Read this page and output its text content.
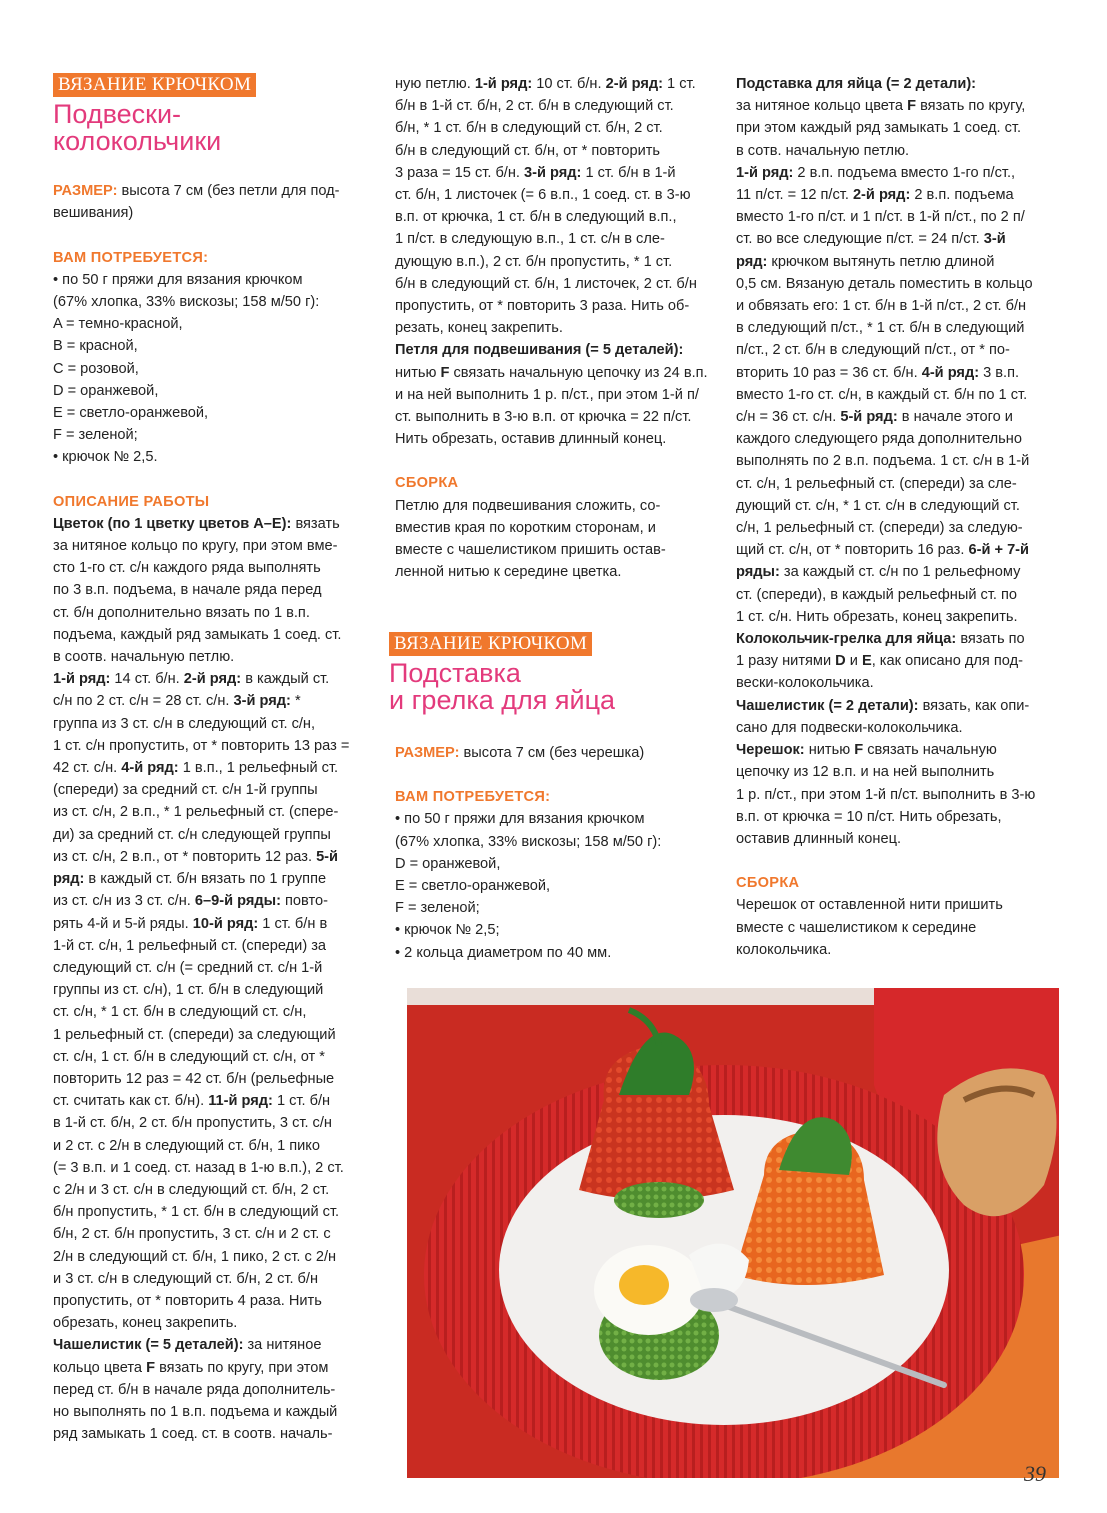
ВЯЗАНИЕ КРЮЧКОМ
Подвески-
колокольчики

РАЗМЕР: высота 7 см (без петли для под-

вешивания)

ВАМ ПОТРЕБУЕТСЯ:

• по 50 г пряжи для вязания крючком

(67% хлопка, 33% вискозы; 158 м/50 г):

A = темно-красной,

B = красной,

C = розовой,

D = оранжевой,

E = светло-оранжевой,

F = зеленой;

• крючок № 2,5.

ОПИСАНИЕ РАБОТЫ

Цветок (по 1 цветку цветов A–E): вязать

за нитяное кольцо по кругу, при этом вме-

сто 1-го ст. с/н каждого ряда выполнять

по 3 в.п. подъема, в начале ряда перед

ст. б/н дополнительно вязать по 1 в.п.

подъема, каждый ряд замыкать 1 соед. ст.

в соотв. начальную петлю.

1-й ряд: 14 ст. б/н. 2-й ряд: в каждый ст.

с/н по 2 ст. с/н = 28 ст. с/н. 3-й ряд: *

группа из 3 ст. с/н в следующий ст. с/н,

1 ст. с/н пропустить, от * повторить 13 раз =

42 ст. с/н. 4-й ряд: 1 в.п., 1 рельефный ст.

(спереди) за средний ст. с/н 1-й группы

из ст. с/н, 2 в.п., * 1 рельефный ст. (спере-

ди) за средний ст. с/н следующей группы

из ст. с/н, 2 в.п., от * повторить 12 раз. 5-й

ряд: в каждый ст. б/н вязать по 1 группе

из ст. с/н из 3 ст. с/н. 6–9-й ряды: повто-

рять 4-й и 5-й ряды. 10-й ряд: 1 ст. б/н в

1-й ст. с/н, 1 рельефный ст. (спереди) за

следующий ст. с/н (= средний ст. с/н 1-й

группы из ст. с/н), 1 ст. б/н в следующий

ст. с/н, * 1 ст. б/н в следующий ст. с/н,

1 рельефный ст. (спереди) за следующий

ст. с/н, 1 ст. б/н в следующий ст. с/н, от *

повторить 12 раз = 42 ст. б/н (рельефные

ст. считать как ст. б/н). 11-й ряд: 1 ст. б/н

в 1-й ст. б/н, 2 ст. б/н пропустить, 3 ст. с/н

и 2 ст. с 2/н в следующий ст. б/н, 1 пико

(= 3 в.п. и 1 соед. ст. назад в 1-ю в.п.), 2 ст.

с 2/н и 3 ст. с/н в следующий ст. б/н, 2 ст.

б/н пропустить, * 1 ст. б/н в следующий ст.

б/н, 2 ст. б/н пропустить, 3 ст. с/н и 2 ст. с

2/н в следующий ст. б/н, 1 пико, 2 ст. с 2/н

и 3 ст. с/н в следующий ст. б/н, 2 ст. б/н

пропустить, от * повторить 4 раза. Нить

обрезать, конец закрепить.

Чашелистик (= 5 деталей): за нитяное

кольцо цвета F вязать по кругу, при этом

перед ст. б/н в начале ряда дополнитель-

но выполнять по 1 в.п. подъема и каждый

ряд замыкать 1 соед. ст. в соотв. началь-

ную петлю. 1-й ряд: 10 ст. б/н. 2-й ряд: 1 ст.

б/н в 1-й ст. б/н, 2 ст. б/н в следующий ст.

б/н, * 1 ст. б/н в следующий ст. б/н, 2 ст.

б/н в следующий ст. б/н, от * повторить

3 раза = 15 ст. б/н. 3-й ряд: 1 ст. б/н в 1-й

ст. б/н, 1 листочек (= 6 в.п., 1 соед. ст. в 3-ю

в.п. от крючка, 1 ст. б/н в следующий в.п.,

1 п/ст. в следующую в.п., 1 ст. с/н в сле-

дующую в.п.), 2 ст. б/н пропустить, * 1 ст.

б/н в следующий ст. б/н, 1 листочек, 2 ст. б/н

пропустить, от * повторить 3 раза. Нить об-

резать, конец закрепить.

Петля для подвешивания (= 5 деталей):

нитью F связать начальную цепочку из 24 в.п.

и на ней выполнить 1 р. п/ст., при этом 1-й п/

ст. выполнить в 3-ю в.п. от крючка = 22 п/ст.

Нить обрезать, оставив длинный конец.

СБОРКА

Петлю для подвешивания сложить, со-

вместив края по коротким сторонам, и

вместе с чашелистиком пришить остав-

ленной нитью к середине цветка.

ВЯЗАНИЕ КРЮЧКОМ
Подставка
и грелка для яйца

РАЗМЕР: высота 7 см (без черешка)

ВАМ ПОТРЕБУЕТСЯ:

• по 50 г пряжи для вязания крючком

(67% хлопка, 33% вискозы; 158 м/50 г):

D = оранжевой,

E = светло-оранжевой,

F = зеленой;

• крючок № 2,5;

• 2 кольца диаметром по 40 мм.

Подставка для яйца (= 2 детали):

за нитяное кольцо цвета F вязать по кругу,

при этом каждый ряд замыкать 1 соед. ст.

в сотв. начальную петлю.

1-й ряд: 2 в.п. подъема вместо 1-го п/ст.,

11 п/ст. = 12 п/ст. 2-й ряд: 2 в.п. подъема

вместо 1-го п/ст. и 1 п/ст. в 1-й п/ст., по 2 п/

ст. во все следующие п/ст. = 24 п/ст. 3-й

ряд: крючком вытянуть петлю длиной

0,5 см. Вязаную деталь поместить в кольцо

и обвязать его: 1 ст. б/н в 1-й п/ст., 2 ст. б/н

в следующий п/ст., * 1 ст. б/н в следующий

п/ст., 2 ст. б/н в следующий п/ст., от * по-

вторить 10 раз = 36 ст. б/н. 4-й ряд: 3 в.п.

вместо 1-го ст. с/н, в каждый ст. б/н по 1 ст.

с/н = 36 ст. с/н. 5-й ряд: в начале этого и

каждого следующего ряда дополнительно

выполнять по 2 в.п. подъема. 1 ст. с/н в 1-й

ст. с/н, 1 рельефный ст. (спереди) за сле-

дующий ст. с/н, * 1 ст. с/н в следующий ст.

с/н, 1 рельефный ст. (спереди) за следую-

щий ст. с/н, от * повторить 16 раз. 6-й + 7-й

ряды: за каждый ст. с/н по 1 рельефному

ст. (спереди), в каждый рельефный ст. по

1 ст. с/н. Нить обрезать, конец закрепить.

Колокольчик-грелка для яйца: вязать по

1 разу нитями D и E, как описано для под-

вески-колокольчика.

Чашелистик (= 2 детали): вязать, как опи-

сано для подвески-колокольчика.

Черешок: нитью F связать начальную

цепочку из 12 в.п. и на ней выполнить

1 р. п/ст., при этом 1-й п/ст. выполнить в 3-ю

в.п. от крючка = 10 п/ст. Нить обрезать,

оставив длинный конец.

СБОРКА

Черешок от оставленной нити пришить

вместе с чашелистиком к середине

колокольчика.

39
